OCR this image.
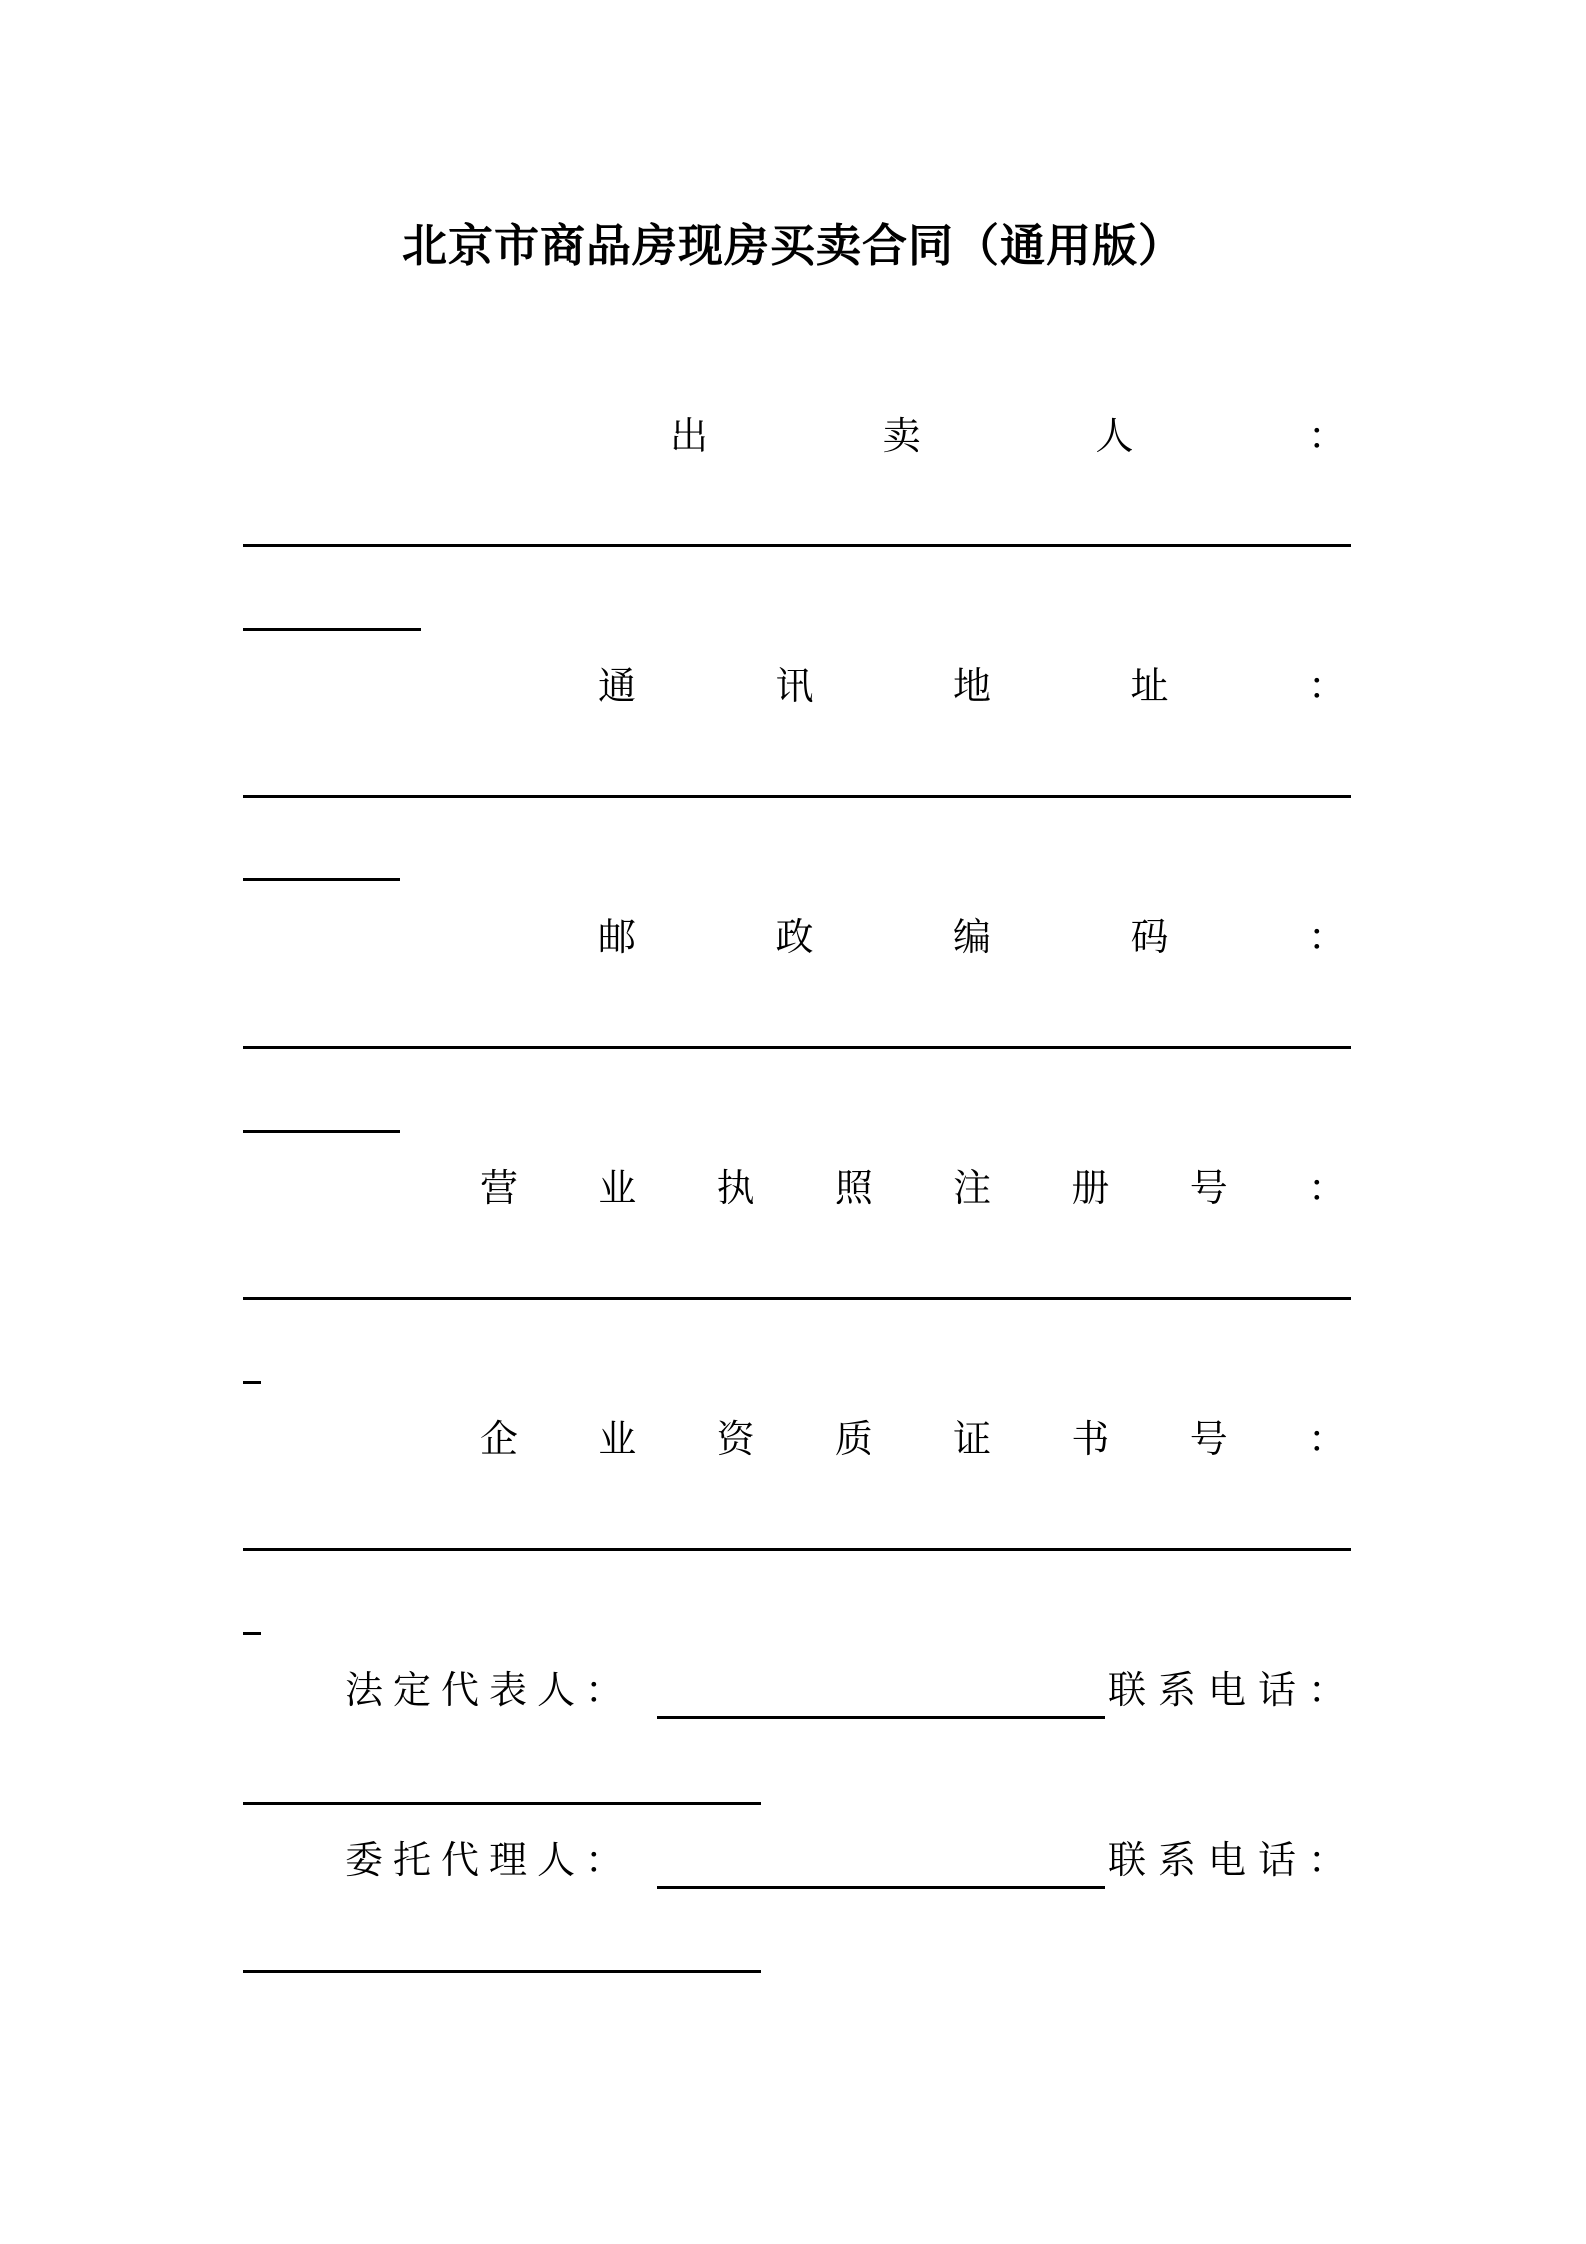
北京市商品房现房买卖合同（通用版）
出	卖	人	：
通	讯	地	址	：
邮	政	编	码	：
营 业 执 照 注 册 号 ：
企 业 资 质 证 书 号 ：
法定代表人：	联系电话：
委托代理人：	联系电话：
